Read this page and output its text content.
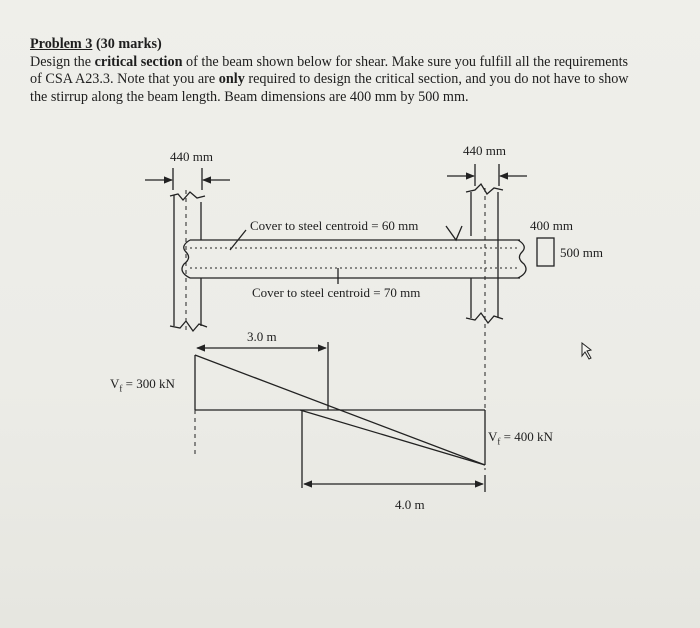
Problem 3 (30 marks)
Design the critical section of the beam shown below for shear. Make sure you fulfill all the requirements
of CSA A23.3. Note that you are only required to design the critical section, and you do not have to show
the stirrup along the beam length. Beam dimensions are 400 mm by 500 mm.
440 mm	440 mm
Cover to steel centroid = 60 mm
Cover to steel centroid = 70 mm
400 mm
500 mm
3.0 m
4.0 m
$V_f = 300$ kN
$V_f = 400$ kN
